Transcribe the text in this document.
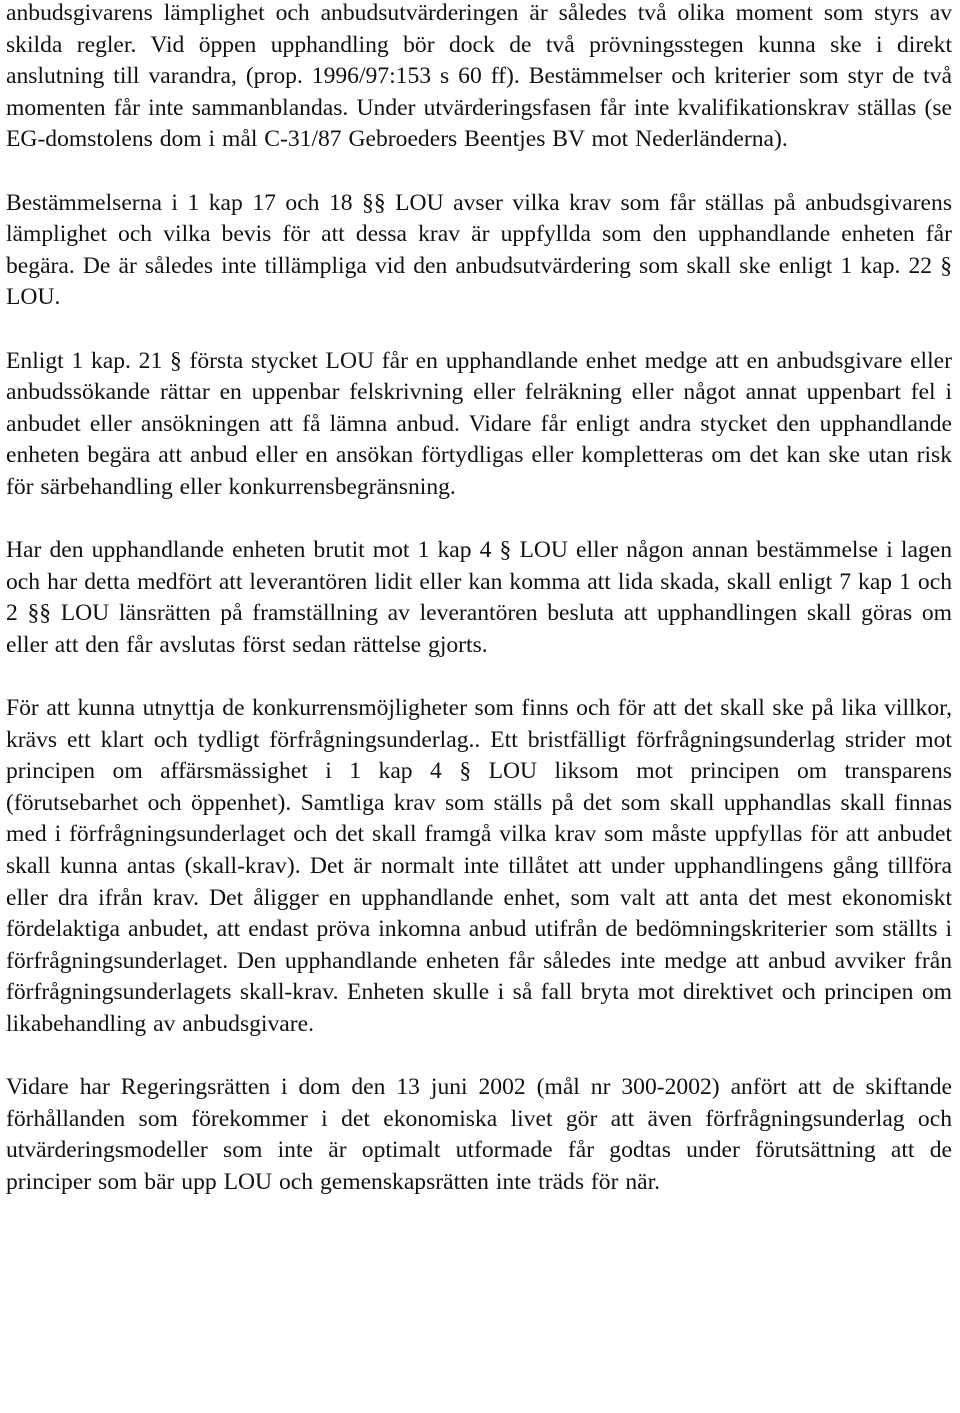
anbudsgivarens lämplighet och anbudsutvärderingen är således två olika moment som styrs av skilda regler. Vid öppen upphandling bör dock de två prövningsstegen kunna ske i direkt anslutning till varandra, (prop. 1996/97:153 s 60 ff). Bestämmelser och kriterier som styr de två momenten får inte sammanblandas. Under utvärderingsfasen får inte kvalifikationskrav ställas (se EG-domstolens dom i mål C-31/87 Gebroeders Beentjes BV mot Nederländerna).

Bestämmelserna i 1 kap 17 och 18 §§ LOU avser vilka krav som får ställas på anbudsgivarens lämplighet och vilka bevis för att dessa krav är uppfyllda som den upphandlande enheten får begära. De är således inte tillämpliga vid den anbudsutvärdering som skall ske enligt 1 kap. 22 § LOU.

Enligt 1 kap. 21 § första stycket LOU får en upphandlande enhet medge att en anbudsgivare eller anbudssökande rättar en uppenbar felskrivning eller felräkning eller något annat uppenbart fel i anbudet eller ansökningen att få lämna anbud. Vidare får enligt andra stycket den upphandlande enheten begära att anbud eller en ansökan förtydligas eller kompletteras om det kan ske utan risk för särbehandling eller konkurrensbegränsning.

Har den upphandlande enheten brutit mot 1 kap 4 § LOU eller någon annan bestämmelse i lagen och har detta medfört att leverantören lidit eller kan komma att lida skada, skall enligt 7 kap 1 och 2 §§ LOU länsrätten på framställning av leverantören besluta att upphandlingen skall göras om eller att den får avslutas först sedan rättelse gjorts.

För att kunna utnyttja de konkurrensmöjligheter som finns och för att det skall ske på lika villkor, krävs ett klart och tydligt förfrågningsunderlag.. Ett bristfälligt förfrågningsunderlag strider mot principen om affärsmässighet i 1 kap 4 § LOU liksom mot principen om transparens (förutsebarhet och öppenhet). Samtliga krav som ställs på det som skall upphandlas skall finnas med i förfrågningsunderlaget och det skall framgå vilka krav som måste uppfyllas för att anbudet skall kunna antas (skall-krav). Det är normalt inte tillåtet att under upphandlingens gång tillföra eller dra ifrån krav. Det åligger en upphandlande enhet, som valt att anta det mest ekonomiskt fördelaktiga anbudet, att endast pröva inkomna anbud utifrån de bedömningskriterier som ställts i förfrågningsunderlaget. Den upphandlande enheten får således inte medge att anbud avviker från förfrågningsunderlagets skall-krav. Enheten skulle i så fall bryta mot direktivet och principen om likabehandling av anbudsgivare.

Vidare har Regeringsrätten i dom den 13 juni 2002 (mål nr 300-2002) anfört att de skiftande förhållanden som förekommer i det ekonomiska livet gör att även förfrågningsunderlag och utvärderingsmodeller som inte är optimalt utformade får godtas under förutsättning att de principer som bär upp LOU och gemenskapsrätten inte träds för när.
